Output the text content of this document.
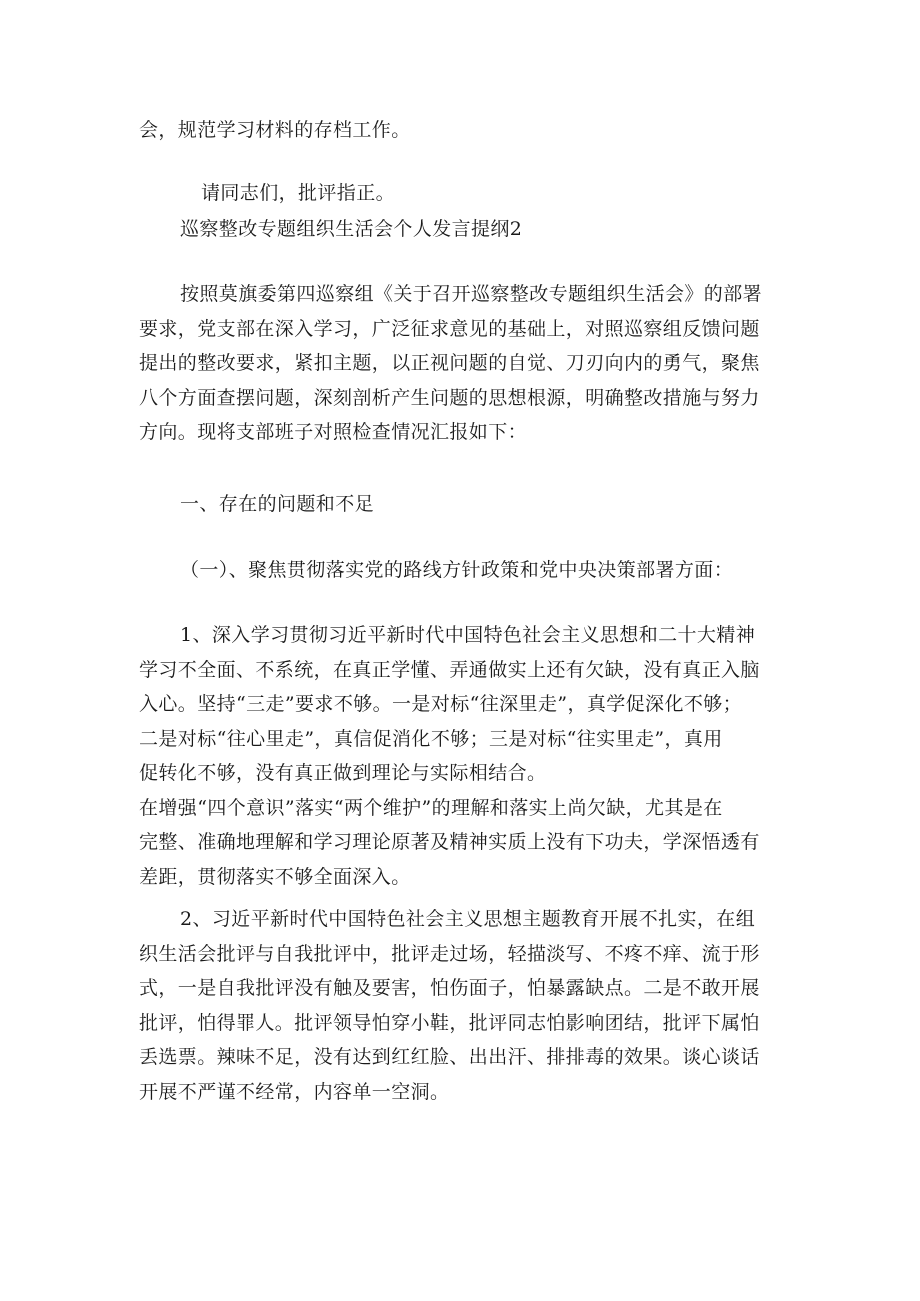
会，规范学习材料的存档工作。
请同志们，批评指正。
巡察整改专题组织生活会个人发言提纲2
按照莫旗委第四巡察组《关于召开巡察整改专题组织生活会》的部署
要求，党支部在深入学习，广泛征求意见的基础上，对照巡察组反馈问题
提出的整改要求，紧扣主题，以正视问题的自觉、刀刃向内的勇气，聚焦
八个方面查摆问题，深刻剖析产生问题的思想根源，明确整改措施与努力
方向。现将支部班子对照检查情况汇报如下：
一、存在的问题和不足
（一）、聚焦贯彻落实党的路线方针政策和党中央决策部署方面：
1、深入学习贯彻习近平新时代中国特色社会主义思想和二十大精神
学习不全面、不系统，在真正学懂、弄通做实上还有欠缺，没有真正入脑
入心。坚持“三走”要求不够。一是对标“往深里走”，真学促深化不够；
二是对标“往心里走”，真信促消化不够；三是对标“往实里走”，真用
促转化不够，没有真正做到理论与实际相结合。
在增强“四个意识”落实“两个维护”的理解和落实上尚欠缺，尤其是在
完整、准确地理解和学习理论原著及精神实质上没有下功夫，学深悟透有
差距，贯彻落实不够全面深入。
2、习近平新时代中国特色社会主义思想主题教育开展不扎实，在组
织生活会批评与自我批评中，批评走过场，轻描淡写、不疼不痒、流于形
式，一是自我批评没有触及要害，怕伤面子，怕暴露缺点。二是不敢开展
批评，怕得罪人。批评领导怕穿小鞋，批评同志怕影响团结，批评下属怕
丢选票。辣味不足，没有达到红红脸、出出汗、排排毒的效果。谈心谈话
开展不严谨不经常，内容单一空洞。
